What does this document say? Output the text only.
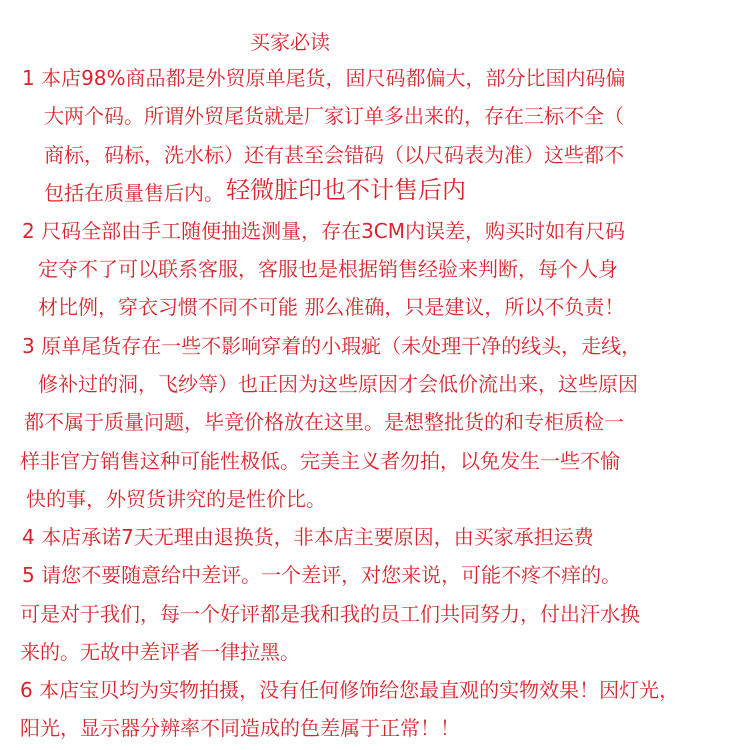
买家必读
1 本店98%商品都是外贸原单尾货，固尺码都偏大，部分比国内码偏
大两个码。所谓外贸尾货就是厂家订单多出来的，存在三标不全（
商标，码标，洗水标）还有甚至会错码（以尺码表为准）这些都不
包括在质量售后内。 轻微脏印也不计售后内
2 尺码全部由手工随便抽选测量，存在3CM内误差，购买时如有尺码
定夺不了可以联系客服，客服也是根据销售经验来判断，每个人身
材比例，穿衣习惯不同不可能 那么准确，只是建议，所以不负责！
3 原单尾货存在一些不影响穿着的小瑕疵（未处理干净的线头，走线，
修补过的洞，飞纱等）也正因为这些原因才会低价流出来，这些原因
都不属于质量问题，毕竟价格放在这里。是想整批货的和专柜质检一
样非官方销售这种可能性极低。完美主义者勿拍，以免发生一些不愉
快的事，外贸货讲究的是性价比。
4 本店承诺7天无理由退换货，非本店主要原因，由买家承担运费
5 请您不要随意给中差评。一个差评，对您来说，可能不疼不痒的。
可是对于我们，每一个好评都是我和我的员工们共同努力，付出汗水换
来的。无故中差评者一律拉黑。
6 本店宝贝均为实物拍摄，没有任何修饰给您最直观的实物效果！因灯光，
阳光，显示器分辨率不同造成的色差属于正常！！
